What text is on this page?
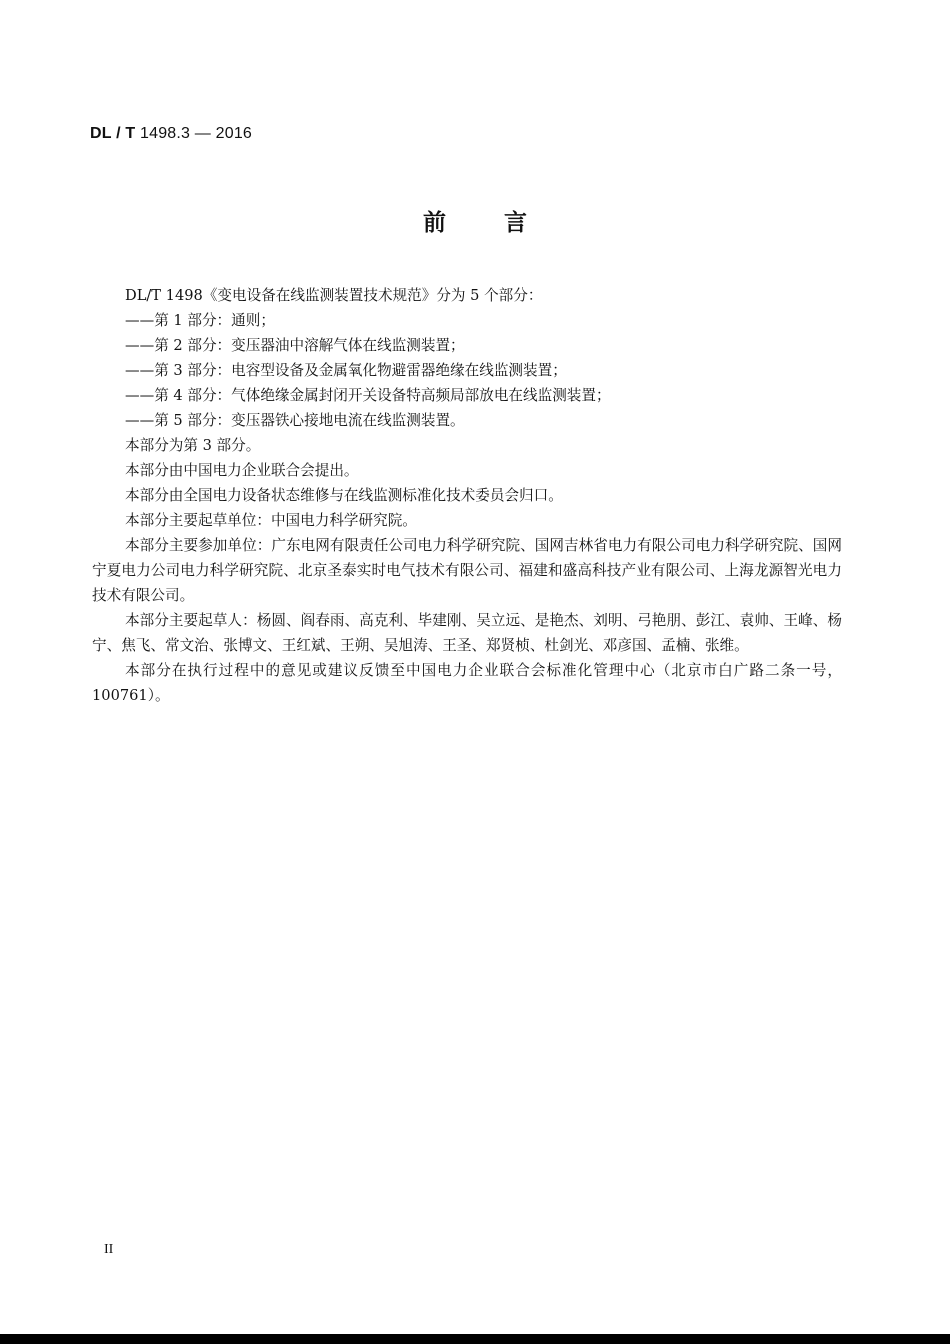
DL / T 1498.3 — 2016
前言

DL/T 1498《变电设备在线监测装置技术规范》分为 5 个部分：

——第 1 部分：通则；

——第 2 部分：变压器油中溶解气体在线监测装置；

——第 3 部分：电容型设备及金属氧化物避雷器绝缘在线监测装置；

——第 4 部分：气体绝缘金属封闭开关设备特高频局部放电在线监测装置；

——第 5 部分：变压器铁心接地电流在线监测装置。

本部分为第 3 部分。

本部分由中国电力企业联合会提出。

本部分由全国电力设备状态维修与在线监测标准化技术委员会归口。

本部分主要起草单位：中国电力科学研究院。

本部分主要参加单位：广东电网有限责任公司电力科学研究院、国网吉林省电力有限公司电力科学研究院、国网宁夏电力公司电力科学研究院、北京圣泰实时电气技术有限公司、福建和盛高科技产业有限公司、上海龙源智光电力技术有限公司。

本部分主要起草人：杨圆、阎春雨、高克利、毕建刚、吴立远、是艳杰、刘明、弓艳朋、彭江、袁帅、王峰、杨宁、焦飞、常文治、张博文、王红斌、王朔、吴旭涛、王圣、郑贤桢、杜剑光、邓彦国、孟楠、张维。

本部分在执行过程中的意见或建议反馈至中国电力企业联合会标准化管理中心（北京市白广路二条一号，100761）。

II
